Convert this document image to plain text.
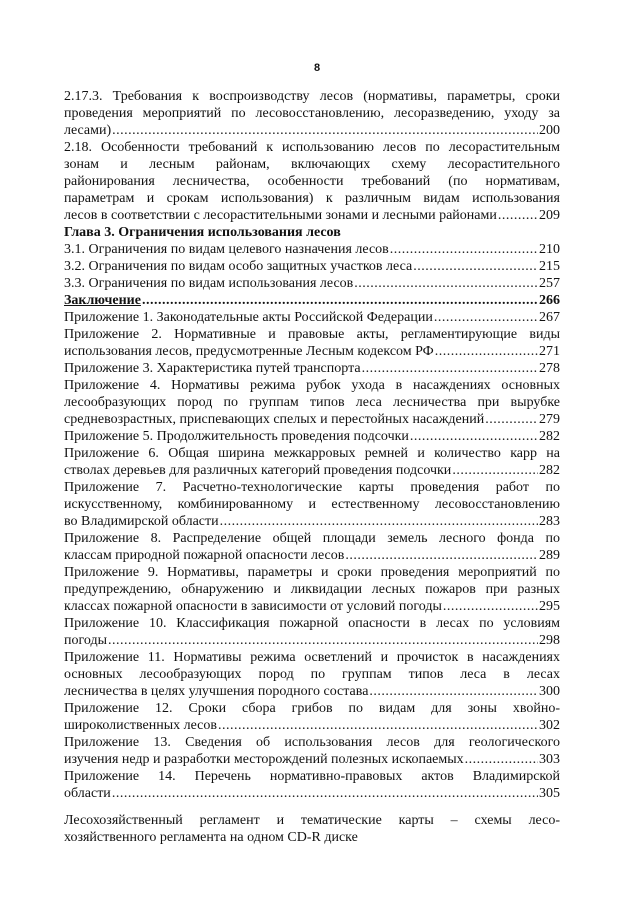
8
2.17.3. Требования к воспроизводству лесов (нормативы, параметры, сроки
проведения мероприятий по лесовосстановлению, лесоразведению, уходу за
лесами) . . .	200
2.18. Особенности требований к использованию лесов по лесорастительным
зонам и лесным районам, включающих схему лесорастительного
районирования лесничества, особенности требований (по нормативам,
параметрам и срокам использования) к различным видам использования
лесов в соответствии с лесорастительными зонами и лесными районами . . .	209
Глава 3. Ограничения использования лесов
3.1. Ограничения по видам целевого назначения лесов . . .	210
3.2. Ограничения по видам особо защитных участков леса . . .	215
3.3. Ограничения по видам использования лесов . . .	257
Заключение . . .	266
Приложение 1. Законодательные акты Российской Федерации . . .	267
Приложение 2. Нормативные и правовые акты, регламентирующие виды
использования лесов, предусмотренные Лесным кодексом РФ . . .	271
Приложение 3. Характеристика путей транспорта . . .	278
Приложение 4. Нормативы режима рубок ухода в насаждениях основных
лесообразующих пород по группам типов леса лесничества при вырубке
средневозрастных, приспевающих спелых и перестойных насаждений . . .	279
Приложение 5. Продолжительность проведения подсочки . . .	282
Приложение 6. Общая ширина межкарровых ремней и количество карр на
стволах деревьев для различных категорий проведения подсочки . . .	282
Приложение 7. Расчетно-технологические карты проведения работ по
искусственному, комбинированному и естественному лесовосстановлению
во Владимирской области . . .	283
Приложение 8. Распределение общей площади земель лесного фонда по
классам природной пожарной опасности лесов . . .	289
Приложение 9. Нормативы, параметры и сроки проведения мероприятий по
предупреждению, обнаружению и ликвидации лесных пожаров при разных
классах пожарной опасности в зависимости от условий погоды . . .	295
Приложение 10. Классификация пожарной опасности в лесах по условиям
погоды . . .	298
Приложение 11. Нормативы режима осветлений и прочисток в насаждениях
основных лесообразующих пород по группам типов леса в лесах
лесничества в целях улучшения породного состава . . .	300
Приложение 12. Сроки сбора грибов по видам для зоны хвойно-
широколиственных лесов . . .	302
Приложение 13. Сведения об использования лесов для геологического
изучения недр и разработки месторождений полезных ископаемых . . .	303
Приложение 14. Перечень нормативно-правовых актов Владимирской
области . . .	305
Лесохозяйственный регламент и тематические карты – схемы лесо-
хозяйственного регламента на одном CD-R диске
